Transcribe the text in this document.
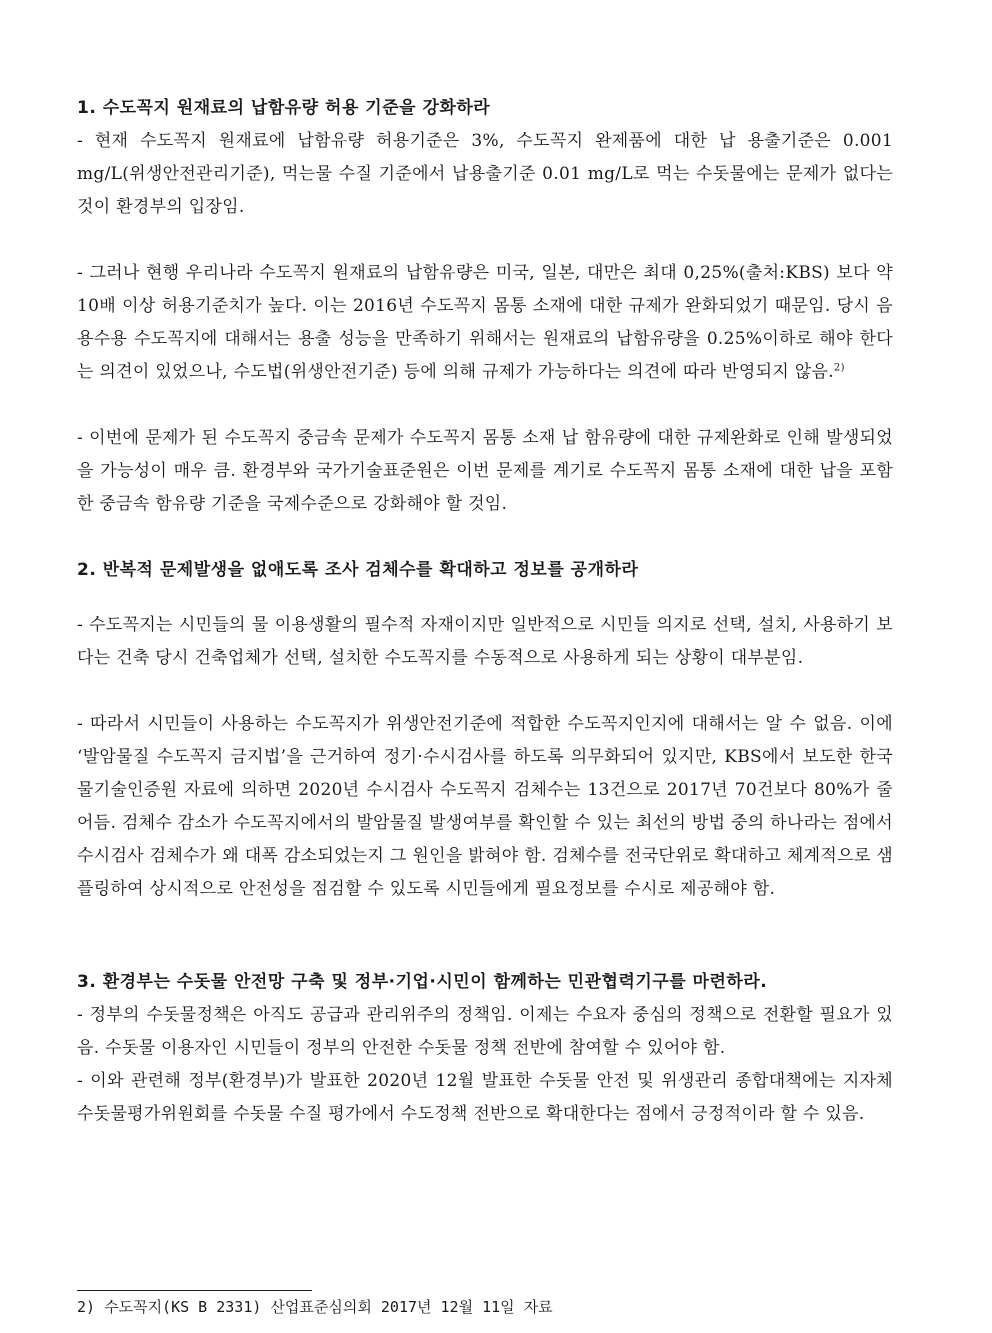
1. 수도꼭지 원재료의 납함유량 허용 기준을 강화하라

- 현재 수도꼭지 원재료에 납함유량 허용기준은 3%, 수도꼭지 완제품에 대한 납 용출기준은 0.001 mg/L(위생안전관리기준), 먹는물 수질 기준에서 납용출기준 0.01 mg/L로 먹는 수돗물에는 문제가 없다는 것이 환경부의 입장임.

- 그러나 현행 우리나라 수도꼭지 원재료의 납함유량은 미국, 일본, 대만은 최대 0,25%(출처:KBS) 보다 약 10배 이상 허용기준치가 높다. 이는 2016년 수도꼭지 몸통 소재에 대한 규제가 완화되었기 때문임. 당시 음용수용 수도꼭지에 대해서는 용출 성능을 만족하기 위해서는 원재료의 납함유량을 0.25%이하로 해야 한다는 의견이 있었으나, 수도법(위생안전기준) 등에 의해 규제가 가능하다는 의견에 따라 반영되지 않음.$^{2)}$

- 이번에 문제가 된 수도꼭지 중금속 문제가 수도꼭지 몸통 소재 납 함유량에 대한 규제완화로 인해 발생되었을 가능성이 매우 큼. 환경부와 국가기술표준원은 이번 문제를 계기로 수도꼭지 몸통 소재에 대한 납을 포함한 중금속 함유량 기준을 국제수준으로 강화해야 할 것임.

2. 반복적 문제발생을 없애도록 조사 검체수를 확대하고 정보를 공개하라

- 수도꼭지는 시민들의 물 이용생활의 필수적 자재이지만 일반적으로 시민들 의지로 선택, 설치, 사용하기 보다는 건축 당시 건축업체가 선택, 설치한 수도꼭지를 수동적으로 사용하게 되는 상황이 대부분임.

- 따라서 시민들이 사용하는 수도꼭지가 위생안전기준에 적합한 수도꼭지인지에 대해서는 알 수 없음. 이에 ‘발암물질 수도꼭지 금지법’을 근거하여 정기·수시검사를 하도록 의무화되어 있지만, KBS에서 보도한 한국물기술인증원 자료에 의하면 2020년 수시검사 수도꼭지 검체수는 13건으로 2017년 70건보다 80%가 줄어듬. 검체수 감소가 수도꼭지에서의 발암물질 발생여부를 확인할 수 있는 최선의 방법 중의 하나라는 점에서 수시검사 검체수가 왜 대폭 감소되었는지 그 원인을 밝혀야 함. 검체수를 전국단위로 확대하고 체계적으로 샘플링하여 상시적으로 안전성을 점검할 수 있도록 시민들에게 필요정보를 수시로 제공해야 함.

3. 환경부는 수돗물 안전망 구축 및 정부·기업·시민이 함께하는 민관협력기구를 마련하라.

- 정부의 수돗물정책은 아직도 공급과 관리위주의 정책임. 이제는 수요자 중심의 정책으로 전환할 필요가 있음. 수돗물 이용자인 시민들이 정부의 안전한 수돗물 정책 전반에 참여할 수 있어야 함.

- 이와 관련해 정부(환경부)가 발표한 2020년 12월 발표한 수돗물 안전 및 위생관리 종합대책에는 지자체 수돗물평가위원회를 수돗물 수질 평가에서 수도정책 전반으로 확대한다는 점에서 긍정적이라 할 수 있음.

2) 수도꼭지(KS B 2331) 산업표준심의회 2017년 12월 11일 자료
